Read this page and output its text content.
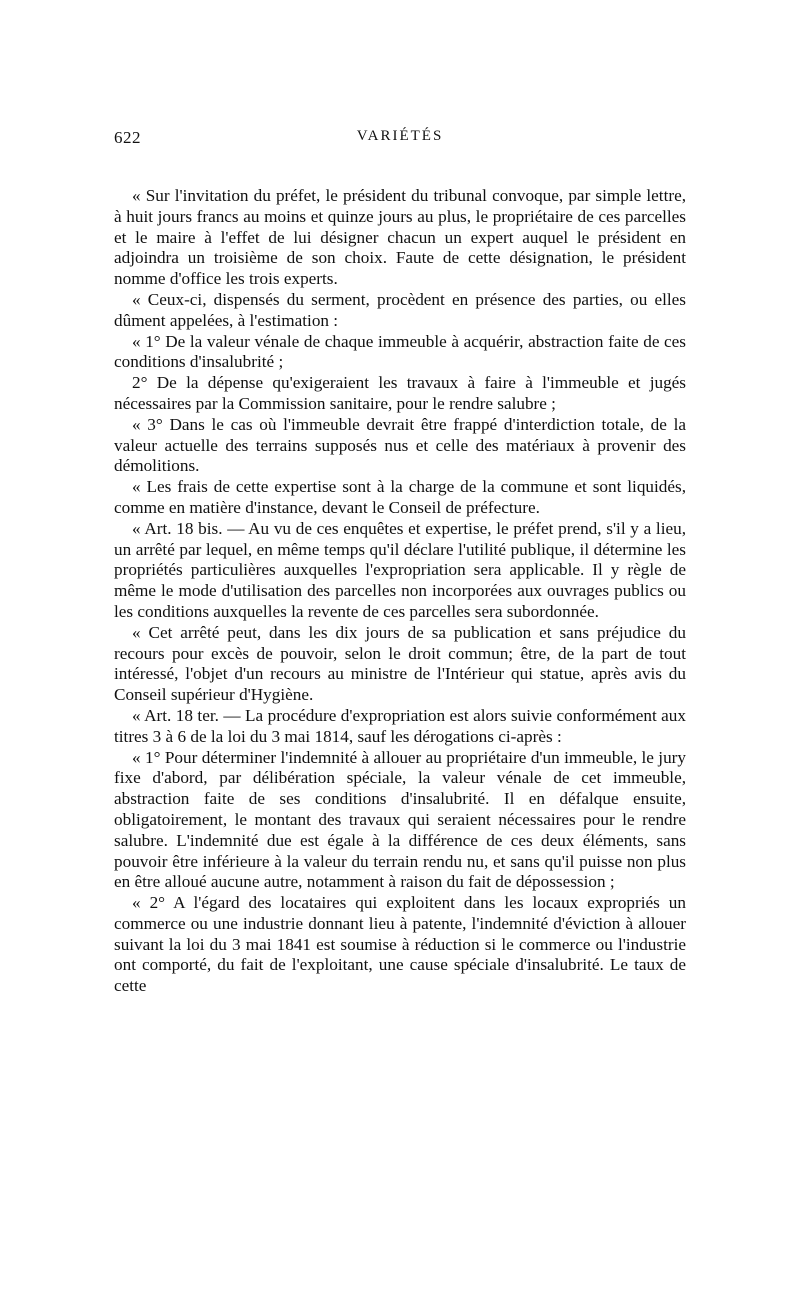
622	VARIÉTÉS

« Sur l'invitation du préfet, le président du tribunal convoque, par simple lettre, à huit jours francs au moins et quinze jours au plus, le propriétaire de ces parcelles et le maire à l'effet de lui désigner chacun un expert auquel le président en adjoindra un troisième de son choix. Faute de cette désignation, le président nomme d'office les trois experts.

« Ceux-ci, dispensés du serment, procèdent en présence des parties, ou elles dûment appelées, à l'estimation :

« 1° De la valeur vénale de chaque immeuble à acquérir, abstraction faite de ces conditions d'insalubrité ;

2° De la dépense qu'exigeraient les travaux à faire à l'immeuble et jugés nécessaires par la Commission sanitaire, pour le rendre salubre ;

« 3° Dans le cas où l'immeuble devrait être frappé d'interdiction totale, de la valeur actuelle des terrains supposés nus et celle des matériaux à provenir des démolitions.

« Les frais de cette expertise sont à la charge de la commune et sont liquidés, comme en matière d'instance, devant le Conseil de préfecture.

« Art. 18 bis. — Au vu de ces enquêtes et expertise, le préfet prend, s'il y a lieu, un arrêté par lequel, en même temps qu'il déclare l'utilité publique, il détermine les propriétés particulières auxquelles l'expropriation sera applicable. Il y règle de même le mode d'utilisation des parcelles non incorporées aux ouvrages publics ou les conditions auxquelles la revente de ces parcelles sera subordonnée.

« Cet arrêté peut, dans les dix jours de sa publication et sans préjudice du recours pour excès de pouvoir, selon le droit commun; être, de la part de tout intéressé, l'objet d'un recours au ministre de l'Intérieur qui statue, après avis du Conseil supérieur d'Hygiène.

« Art. 18 ter. — La procédure d'expropriation est alors suivie conformément aux titres 3 à 6 de la loi du 3 mai 1814, sauf les dérogations ci-après :

« 1° Pour déterminer l'indemnité à allouer au propriétaire d'un immeuble, le jury fixe d'abord, par délibération spéciale, la valeur vénale de cet immeuble, abstraction faite de ses conditions d'insalubrité. Il en défalque ensuite, obligatoirement, le montant des travaux qui seraient nécessaires pour le rendre salubre. L'indemnité due est égale à la différence de ces deux éléments, sans pouvoir être inférieure à la valeur du terrain rendu nu, et sans qu'il puisse non plus en être alloué aucune autre, notamment à raison du fait de dépossession ;

« 2° A l'égard des locataires qui exploitent dans les locaux expropriés un commerce ou une industrie donnant lieu à patente, l'indemnité d'éviction à allouer suivant la loi du 3 mai 1841 est soumise à réduction si le commerce ou l'industrie ont comporté, du fait de l'exploitant, une cause spéciale d'insalubrité. Le taux de cette
